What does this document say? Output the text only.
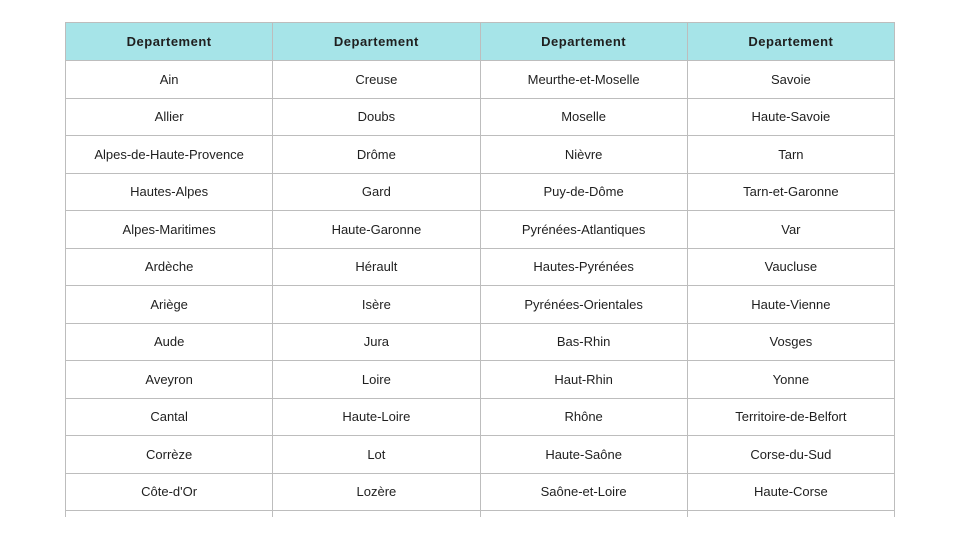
Departement	Departement	Departement	Departement
Ain	Creuse	Meurthe-et-Moselle	Savoie
Allier	Doubs	Moselle	Haute-Savoie
Alpes-de-Haute-Provence	Drôme	Nièvre	Tarn
Hautes-Alpes	Gard	Puy-de-Dôme	Tarn-et-Garonne
Alpes-Maritimes	Haute-Garonne	Pyrénées-Atlantiques	Var
Ardèche	Hérault	Hautes-Pyrénées	Vaucluse
Ariège	Isère	Pyrénées-Orientales	Haute-Vienne
Aude	Jura	Bas-Rhin	Vosges
Aveyron	Loire	Haut-Rhin	Yonne
Cantal	Haute-Loire	Rhône	Territoire-de-Belfort
Corrèze	Lot	Haute-Saône	Corse-du-Sud
Côte-d'Or	Lozère	Saône-et-Loire	Haute-Corse
